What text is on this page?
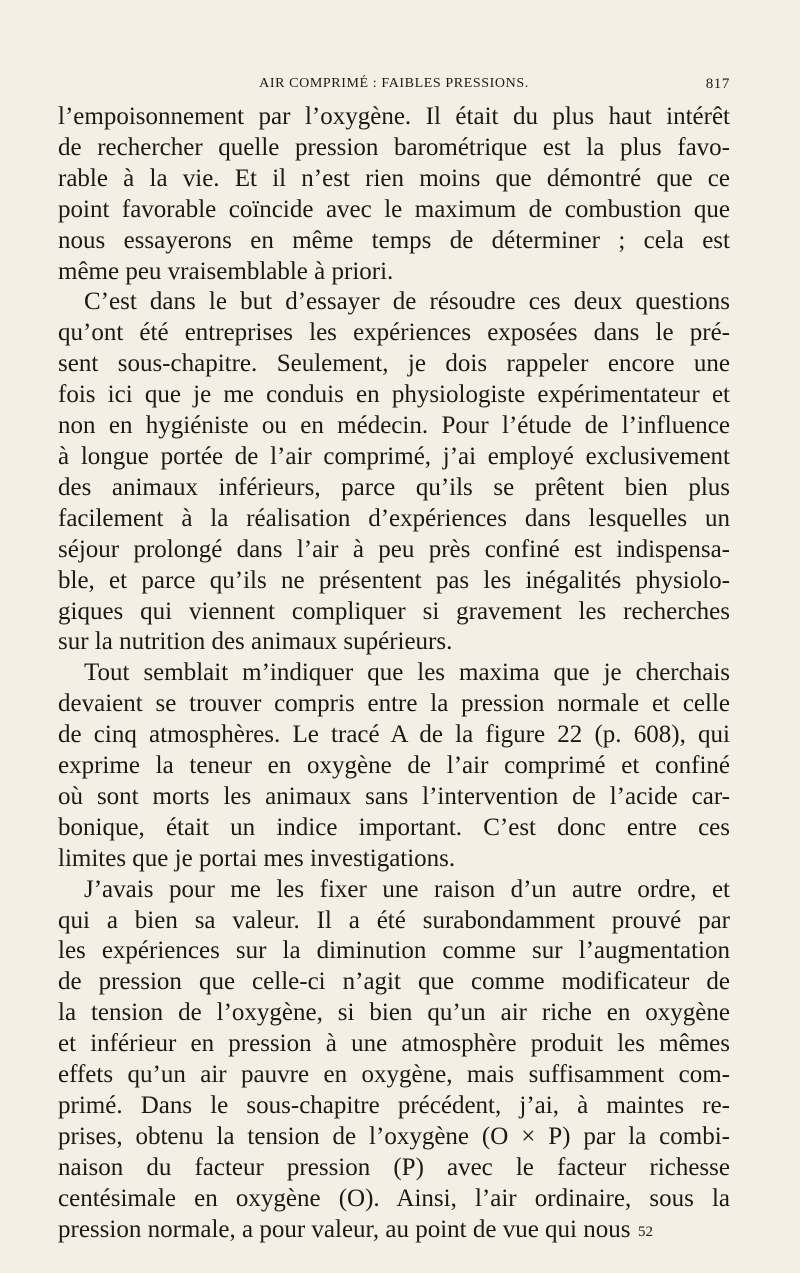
AIR COMPRIMÉ : FAIBLES PRESSIONS.	817
l’empoisonnement par l’oxygène. Il était du plus haut intérêt
de rechercher quelle pression barométrique est la plus favo-
rable à la vie. Et il n’est rien moins que démontré que ce
point favorable coïncide avec le maximum de combustion que
nous essayerons en même temps de déterminer ; cela est
même peu vraisemblable à priori.
C’est dans le but d’essayer de résoudre ces deux questions
qu’ont été entreprises les expériences exposées dans le pré-
sent sous-chapitre. Seulement, je dois rappeler encore une
fois ici que je me conduis en physiologiste expérimentateur et
non en hygiéniste ou en médecin. Pour l’étude de l’influence
à longue portée de l’air comprimé, j’ai employé exclusivement
des animaux inférieurs, parce qu’ils se prêtent bien plus
facilement à la réalisation d’expériences dans lesquelles un
séjour prolongé dans l’air à peu près confiné est indispensa-
ble, et parce qu’ils ne présentent pas les inégalités physiolo-
giques qui viennent compliquer si gravement les recherches
sur la nutrition des animaux supérieurs.
Tout semblait m’indiquer que les maxima que je cherchais
devaient se trouver compris entre la pression normale et celle
de cinq atmosphères. Le tracé A de la figure 22 (p. 608), qui
exprime la teneur en oxygène de l’air comprimé et confiné
où sont morts les animaux sans l’intervention de l’acide car-
bonique, était un indice important. C’est donc entre ces
limites que je portai mes investigations.
J’avais pour me les fixer une raison d’un autre ordre, et
qui a bien sa valeur. Il a été surabondamment prouvé par
les expériences sur la diminution comme sur l’augmentation
de pression que celle-ci n’agit que comme modificateur de
la tension de l’oxygène, si bien qu’un air riche en oxygène
et inférieur en pression à une atmosphère produit les mêmes
effets qu’un air pauvre en oxygène, mais suffisamment com-
primé. Dans le sous-chapitre précédent, j’ai, à maintes re-
prises, obtenu la tension de l’oxygène (O × P) par la combi-
naison du facteur pression (P) avec le facteur richesse
centésimale en oxygène (O). Ainsi, l’air ordinaire, sous la
pression normale, a pour valeur, au point de vue qui nous 52
